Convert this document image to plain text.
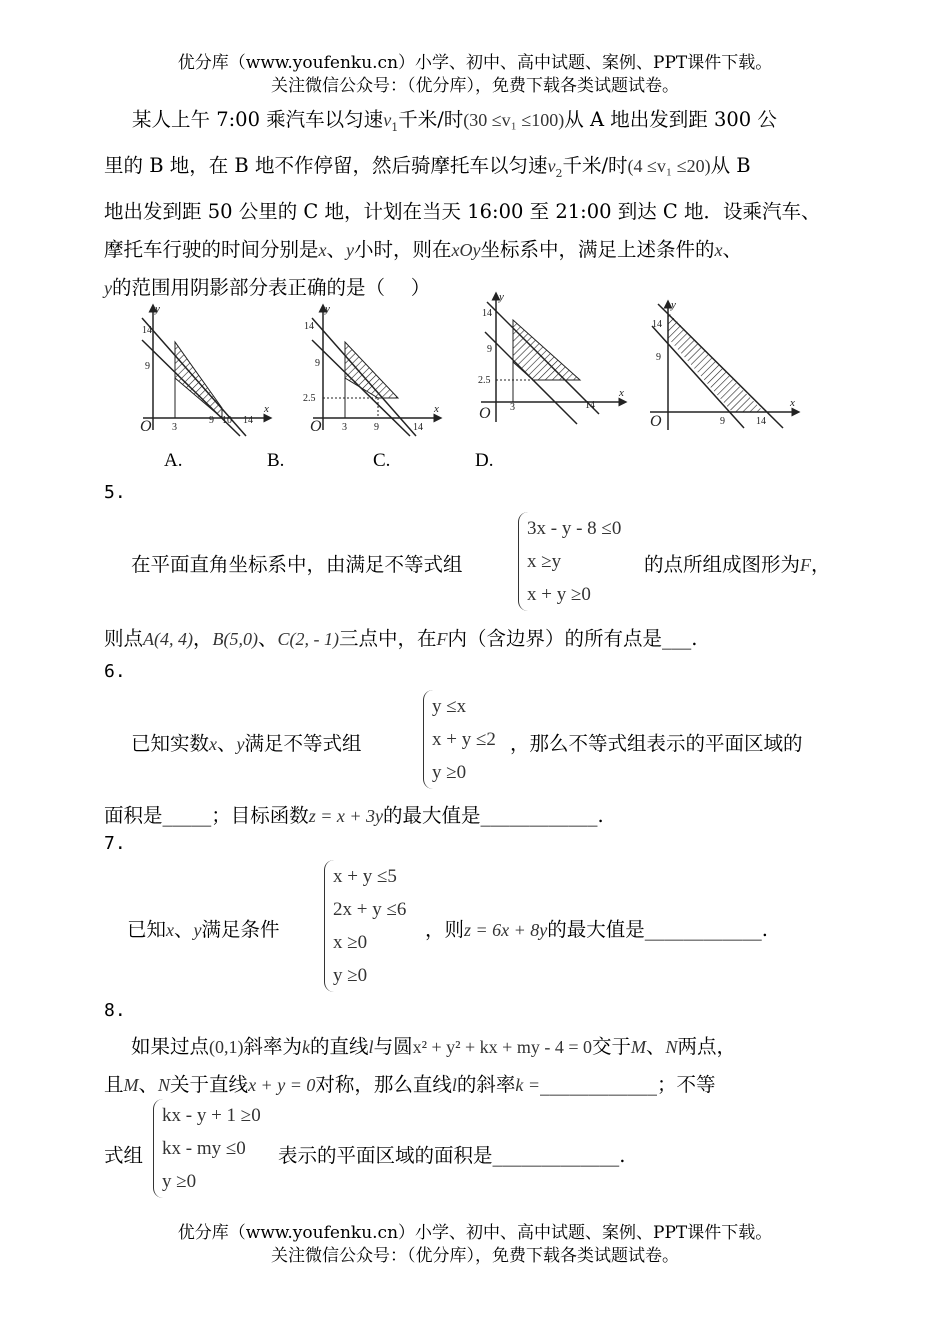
优分库（www.youfenku.cn）小学、初中、高中试题、案例、PPT课件下载。
关注微信公众号：（优分库），免费下载各类试题试卷。
某人上午 7:00 乘汽车以匀速$v_1$千米/时(30 ≤v₁ ≤100)从 A 地出发到距 300 公
里的 B 地，在 B 地不作停留，然后骑摩托车以匀速$v_2$千米/时(4 ≤v₁ ≤20)从 B
地出发到距 50 公里的 C 地，计划在当天 16:00 至 21:00 到达 C 地．设乘汽车、
摩托车行驶的时间分别是x、y小时，则在xOy坐标系中，满足上述条件的x、
y的范围用阴影部分表正确的是（　 ）
y
x
O
14
9
3
9 10 14
y
x
O
14
9
2.5
3	9	14
y
x
O
14
9
2.5
3	14
y
x
O
14
9
9	14
A.	B.	C.	D.
5.
在平面直角坐标系中，由满足不等式组
3x - y - 8 ≤0
x ≥y
x + y ≥0
的点所组成图形为F，
则点A(4, 4)，B(5,0)、C(2, - 1)三点中，在F内（含边界）的所有点是___.
6.
已知实数x、y满足不等式组
y ≤x
x + y ≤2
y ≥0
，那么不等式组表示的平面区域的
面积是_____；目标函数z = x + 3y的最大值是____________.
7.
已知x、y满足条件
x + y ≤5
2x + y ≤6
x ≥0
y ≥0
，则z = 6x + 8y的最大值是____________.
8.
如果过点(0,1)斜率为k的直线l与圆x² + y² + kx + my - 4 = 0交于M、N两点，
且M、N关于直线x + y = 0对称，那么直线l的斜率k =____________；不等
式组
kx - y + 1 ≥0
kx - my ≤0
y ≥0
表示的平面区域的面积是_____________.
优分库（www.youfenku.cn）小学、初中、高中试题、案例、PPT课件下载。
关注微信公众号：（优分库），免费下载各类试题试卷。
